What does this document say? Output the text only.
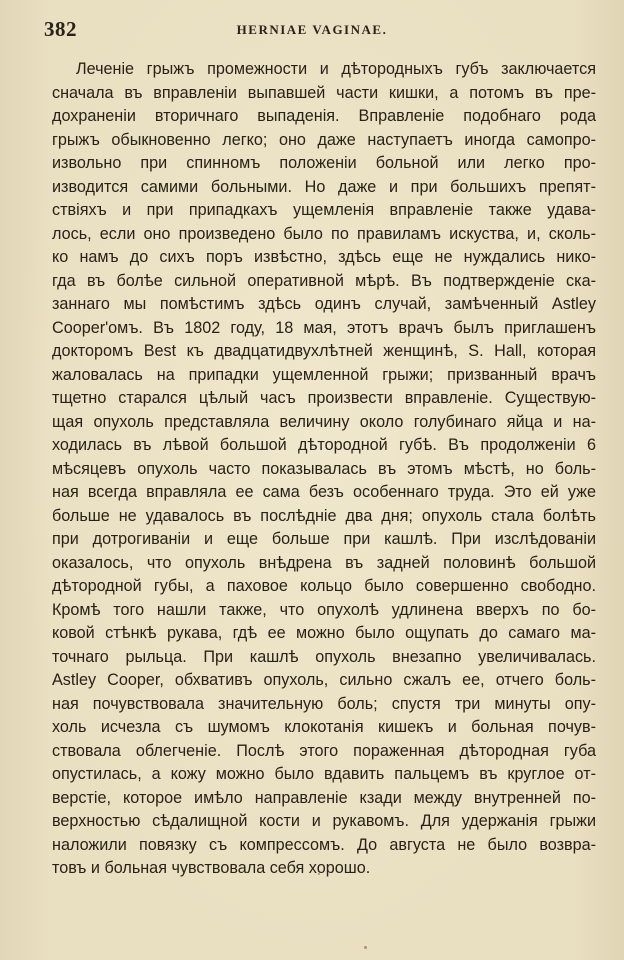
382	HERNIAE VAGINAE.
Леченіе грыжъ промежности и дѣтородныхъ губъ заключается
сначала въ вправленіи выпавшей части кишки, а потомъ въ пре-
дохраненіи вторичнаго выпаденія. Вправленіе подобнаго рода
грыжъ обыкновенно легко; оно даже наступаетъ иногда самопро-
извольно при спинномъ положеніи больной или легко про-
изводится самими больными. Но даже и при большихъ препят-
ствіяхъ и при припадкахъ ущемленія вправленіе также удава-
лось, если оно произведено было по правиламъ искуства, и, сколь-
ко намъ до сихъ поръ извѣстно, здѣсь еще не нуждались нико-
гда въ болѣе сильной оперативной мѣрѣ. Въ подтвержденіе ска-
заннаго мы помѣстимъ здѣсь одинъ случай, замѣченный Astley
Cooper'омъ. Въ 1802 году, 18 мая, этотъ врачъ былъ приглашенъ
докторомъ Best къ двадцатидвухлѣтней женщинѣ, S. Hall, которая
жаловалась на припадки ущемленной грыжи; призванный врачъ
тщетно старался цѣлый часъ произвести вправленіе. Существую-
щая опухоль представляла величину около голубинаго яйца и на-
ходилась въ лѣвой большой дѣтородной губѣ. Въ продолженіи 6
мѣсяцевъ опухоль часто показывалась въ этомъ мѣстѣ, но боль-
ная всегда вправляла ее сама безъ особеннаго труда. Это ей уже
больше не удавалось въ послѣдніе два дня; опухоль стала болѣть
при дотрогиваніи и еще больше при кашлѣ. При изслѣдованіи
оказалось, что опухоль внѣдрена въ задней половинѣ большой
дѣтородной губы, а паховое кольцо было совершенно свободно.
Кромѣ того нашли также, что опухолѣ удлинена вверхъ по бо-
ковой стѣнкѣ рукава, гдѣ ее можно было ощупать до самаго ма-
точнаго рыльца. При кашлѣ опухоль внезапно увеличивалась.
Astley Cooper, обхвативъ опухоль, сильно сжалъ ее, отчего боль-
ная почувствовала значительную боль; спустя три минуты опу-
холь исчезла съ шумомъ клокотанія кишекъ и больная почув-
ствовала облегченіе. Послѣ этого пораженная дѣтородная губа
опустилась, а кожу можно было вдавить пальцемъ въ круглое от-
верстіе, которое имѣло направленіе кзади между внутренней по-
верхностью сѣдалищной кости и рукавомъ. Для удержанія грыжи
наложили повязку съ компрессомъ. До августа не было возвра-
товъ и больная чувствовала себя хорошо.
